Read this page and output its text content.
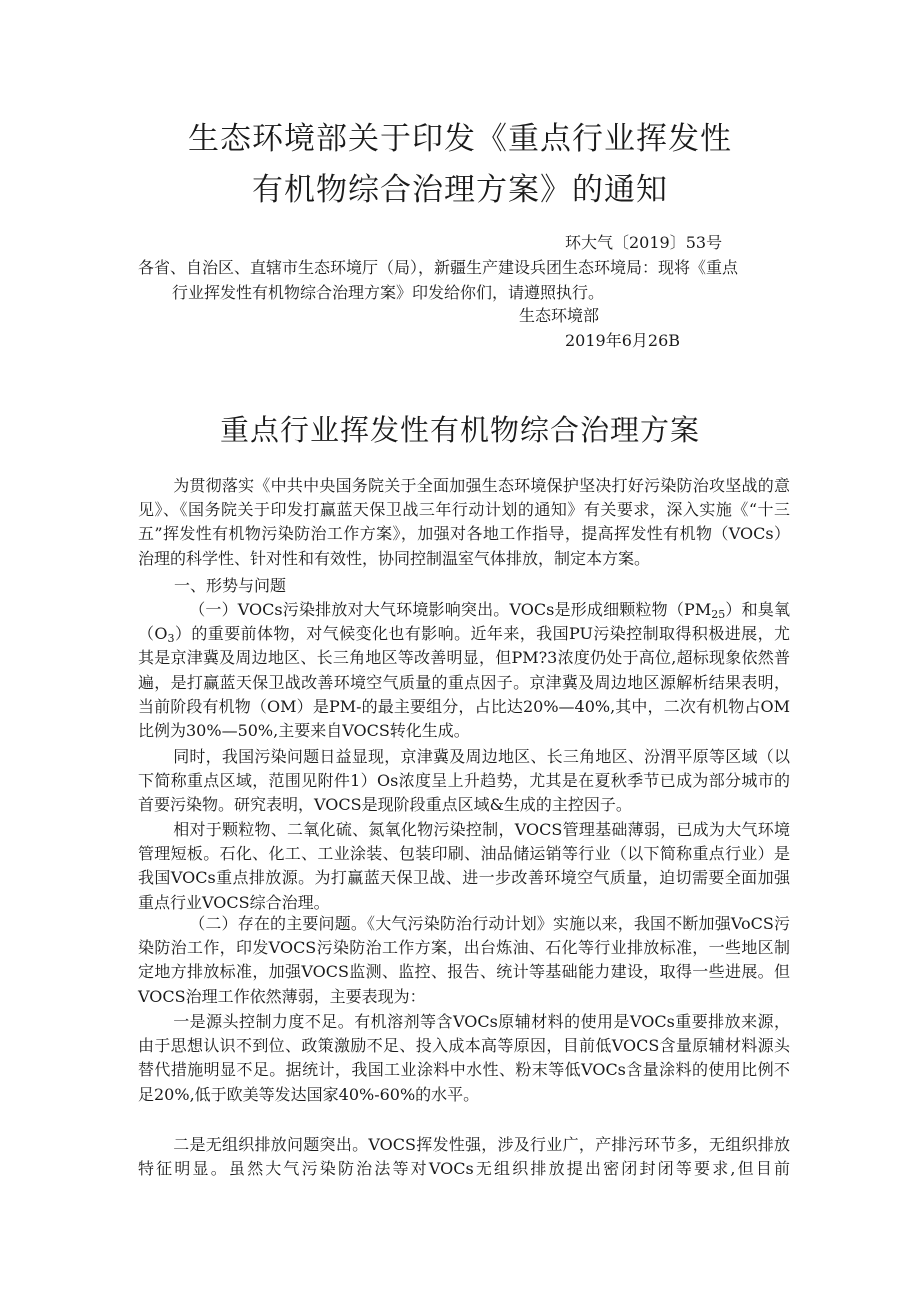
生态环境部关于印发《重点行业挥发性
有机物综合治理方案》的通知
环大气〔2019〕53号
各省、自治区、直辖市生态环境厅（局），新疆生产建设兵团生态环境局：现将《重点
行业挥发性有机物综合治理方案》印发给你们，请遵照执行。
生态环境部
2019年6月26B
重点行业挥发性有机物综合治理方案
为贯彻落实《中共中央国务院关于全面加强生态环境保护坚决打好污染防治攻坚战的意见》、《国务院关于印发打赢蓝天保卫战三年行动计划的通知》有关要求，深入实施《“十三五”挥发性有机物污染防治工作方案》，加强对各地工作指导，提高挥发性有机物（VOCs）治理的科学性、针对性和有效性，协同控制温室气体排放，制定本方案。
一、形势与问题
（一）VOCs污染排放对大气环境影响突出。VOCs是形成细颗粒物$(PM_{25})$和臭氧$(O_3)$的重要前体物，对气候变化也有影响。近年来，我国PU污染控制取得积极进展，尤其是京津冀及周边地区、长三角地区等改善明显，但PM?3浓度仍处于高位,超标现象依然普遍，是打赢蓝天保卫战改善环境空气质量的重点因子。京津冀及周边地区源解析结果表明，当前阶段有机物（OM）是PM-的最主要组分，占比达20%—40%,其中，二次有机物占OM比例为30%—50%,主要来自VOCS转化生成。
同时，我国污染问题日益显现，京津冀及周边地区、长三角地区、汾渭平原等区域（以下简称重点区域，范围见附件1）Os浓度呈上升趋势，尤其是在夏秋季节已成为部分城市的首要污染物。研究表明，VOCS是现阶段重点区域&生成的主控因子。
相对于颗粒物、二氧化硫、氮氧化物污染控制，VOCS管理基础薄弱，已成为大气环境管理短板。石化、化工、工业涂装、包装印刷、油品储运销等行业（以下简称重点行业）是我国VOCs重点排放源。为打赢蓝天保卫战、进一步改善环境空气质量，迫切需要全面加强重点行业VOCS综合治理。
（二）存在的主要问题。《大气污染防治行动计划》实施以来，我国不断加强VoCS污染防治工作，印发VOCS污染防治工作方案，出台炼油、石化等行业排放标准，一些地区制定地方排放标准，加强VOCS监测、监控、报告、统计等基础能力建设，取得一些进展。但VOCS治理工作依然薄弱，主要表现为：
一是源头控制力度不足。有机溶剂等含VOCs原辅材料的使用是VOCs重要排放来源，由于思想认识不到位、政策激励不足、投入成本高等原因，目前低VOCS含量原辅材料源头替代措施明显不足。据统计，我国工业涂料中水性、粉末等低VOCs含量涂料的使用比例不足20%,低于欧美等发达国家40%-60%的水平。
二是无组织排放问题突出。VOCS挥发性强，涉及行业广，产排污环节多，无组织排放特征明显。虽然大气污染防治法等对VOCs无组织排放提出密闭封闭等要求,但目前
